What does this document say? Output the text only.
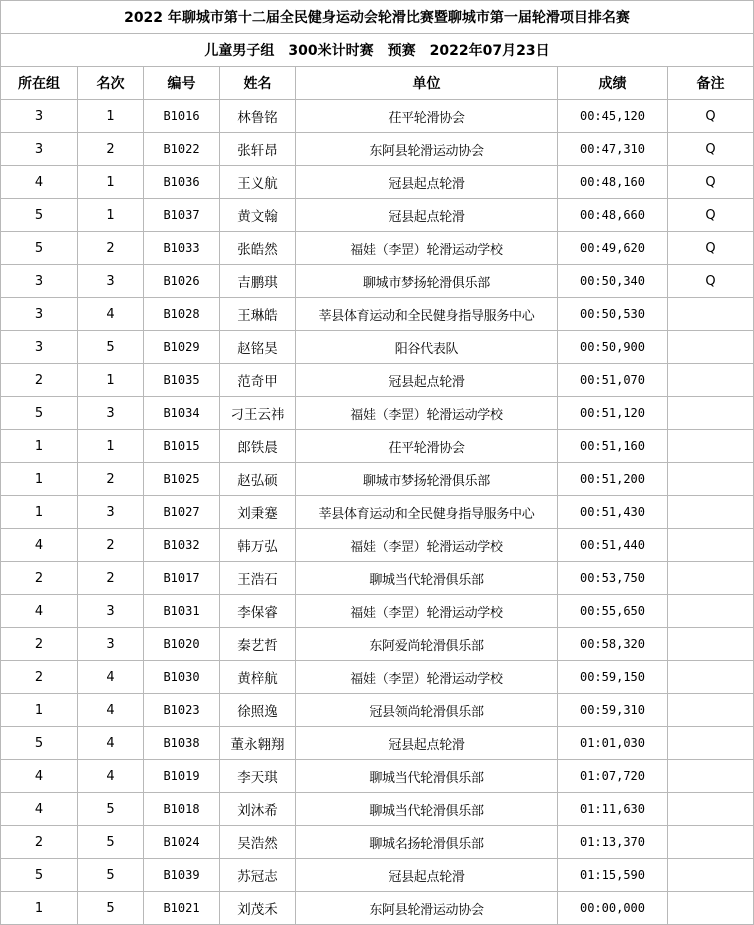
2022 年聊城市第十二届全民健身运动会轮滑比赛暨聊城市第一届轮滑项目排名赛						
儿童男子组　300米计时赛　预赛　2022年07月23日						
所在组	名次	编号	姓名	单位	成绩	备注
3	1	B1016	林鲁铭	茌平轮滑协会	00:45,120	Q
3	2	B1022	张轩昂	东阿县轮滑运动协会	00:47,310	Q
4	1	B1036	王义航	冠县起点轮滑	00:48,160	Q
5	1	B1037	黄文翰	冠县起点轮滑	00:48,660	Q
5	2	B1033	张皓然	福娃（李罡）轮滑运动学校	00:49,620	Q
3	3	B1026	吉鹏琪	聊城市梦扬轮滑俱乐部	00:50,340	Q
3	4	B1028	王琳皓	莘县体育运动和全民健身指导服务中心	00:50,530	
3	5	B1029	赵铭昊	阳谷代表队	00:50,900	
2	1	B1035	范奇甲	冠县起点轮滑	00:51,070	
5	3	B1034	刁王云祎	福娃（李罡）轮滑运动学校	00:51,120	
1	1	B1015	郎铁晨	茌平轮滑协会	00:51,160	
1	2	B1025	赵弘硕	聊城市梦扬轮滑俱乐部	00:51,200	
1	3	B1027	刘秉蹇	莘县体育运动和全民健身指导服务中心	00:51,430	
4	2	B1032	韩万弘	福娃（李罡）轮滑运动学校	00:51,440	
2	2	B1017	王浩石	聊城当代轮滑俱乐部	00:53,750	
4	3	B1031	李保睿	福娃（李罡）轮滑运动学校	00:55,650	
2	3	B1020	秦艺哲	东阿爱尚轮滑俱乐部	00:58,320	
2	4	B1030	黄梓航	福娃（李罡）轮滑运动学校	00:59,150	
1	4	B1023	徐照逸	冠县领尚轮滑俱乐部	00:59,310	
5	4	B1038	董永翱翔	冠县起点轮滑	01:01,030	
4	4	B1019	李天琪	聊城当代轮滑俱乐部	01:07,720	
4	5	B1018	刘沐希	聊城当代轮滑俱乐部	01:11,630	
2	5	B1024	吴浩然	聊城名扬轮滑俱乐部	01:13,370	
5	5	B1039	苏冠志	冠县起点轮滑	01:15,590	
1	5	B1021	刘茂禾	东阿县轮滑运动协会	00:00,000	
